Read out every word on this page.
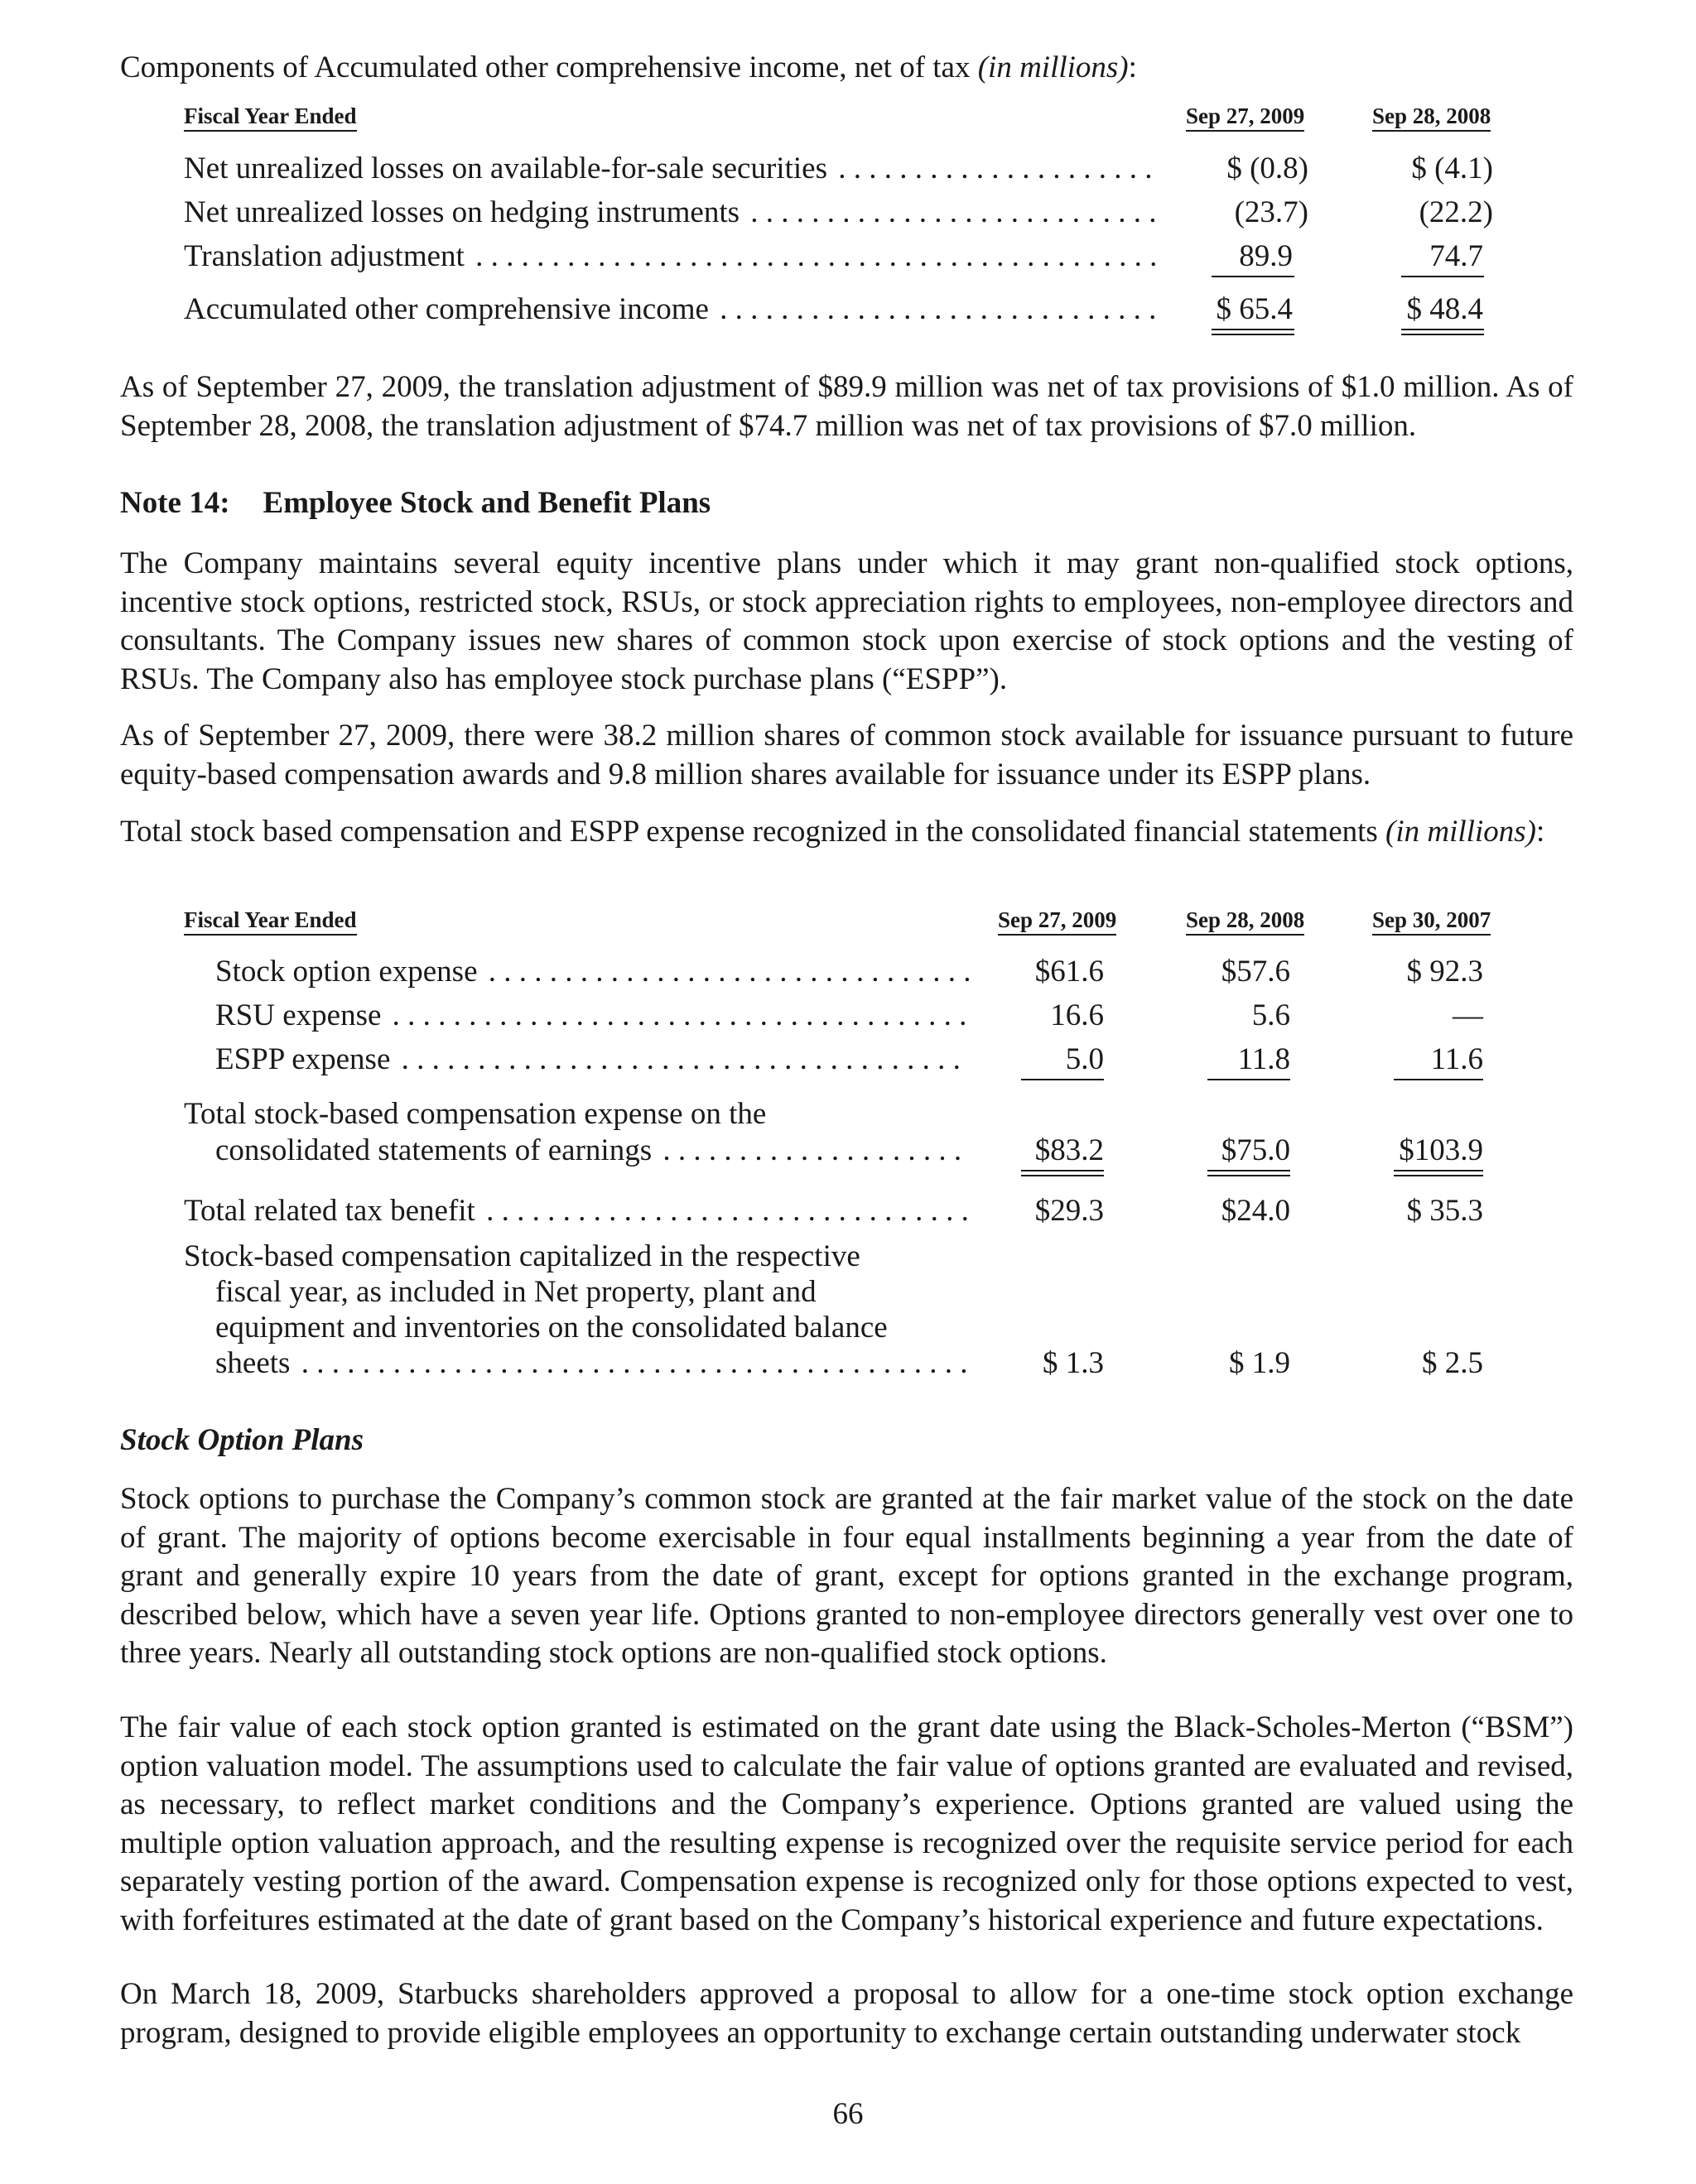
Components of Accumulated other comprehensive income, net of tax (in millions):
Fiscal Year Ended	Sep 27, 2009	Sep 28, 2008
Net unrealized losses on available-for-sale securities . . .	$ (0.8)	$ (4.1)
Net unrealized losses on hedging instruments . . .	(23.7)	(22.2)
Translation adjustment . . .	89.9	74.7
Accumulated other comprehensive income . . .	$ 65.4	$ 48.4
As of September 27, 2009, the translation adjustment of $89.9 million was net of tax provisions of $1.0 million. As of September 28, 2008, the translation adjustment of $74.7 million was net of tax provisions of $7.0 million.
Note 14: Employee Stock and Benefit Plans
The Company maintains several equity incentive plans under which it may grant non-qualified stock options, incentive stock options, restricted stock, RSUs, or stock appreciation rights to employees, non-employee directors and consultants. The Company issues new shares of common stock upon exercise of stock options and the vesting of RSUs. The Company also has employee stock purchase plans (“ESPP”).
As of September 27, 2009, there were 38.2 million shares of common stock available for issuance pursuant to future equity-based compensation awards and 9.8 million shares available for issuance under its ESPP plans.
Total stock based compensation and ESPP expense recognized in the consolidated financial statements (in millions):
Fiscal Year Ended	Sep 27, 2009	Sep 28, 2008	Sep 30, 2007
Stock option expense . . .	$61.6	$57.6	$ 92.3
RSU expense . . .	16.6	5.6	—
ESPP expense . . .	5.0	11.8	11.6
Total stock-based compensation expense on the
consolidated statements of earnings . . .	$83.2	$75.0	$103.9
Total related tax benefit . . .	$29.3	$24.0	$ 35.3
Stock-based compensation capitalized in the respective
fiscal year, as included in Net property, plant and
equipment and inventories on the consolidated balance
sheets . . .	$ 1.3	$ 1.9	$ 2.5
Stock Option Plans
Stock options to purchase the Company’s common stock are granted at the fair market value of the stock on the date of grant. The majority of options become exercisable in four equal installments beginning a year from the date of grant and generally expire 10 years from the date of grant, except for options granted in the exchange program, described below, which have a seven year life. Options granted to non-employee directors generally vest over one to three years. Nearly all outstanding stock options are non-qualified stock options.
The fair value of each stock option granted is estimated on the grant date using the Black-Scholes-Merton (“BSM”) option valuation model. The assumptions used to calculate the fair value of options granted are evaluated and revised, as necessary, to reflect market conditions and the Company’s experience. Options granted are valued using the multiple option valuation approach, and the resulting expense is recognized over the requisite service period for each separately vesting portion of the award. Compensation expense is recognized only for those options expected to vest, with forfeitures estimated at the date of grant based on the Company’s historical experience and future expectations.
On March 18, 2009, Starbucks shareholders approved a proposal to allow for a one-time stock option exchange program, designed to provide eligible employees an opportunity to exchange certain outstanding underwater stock
66
